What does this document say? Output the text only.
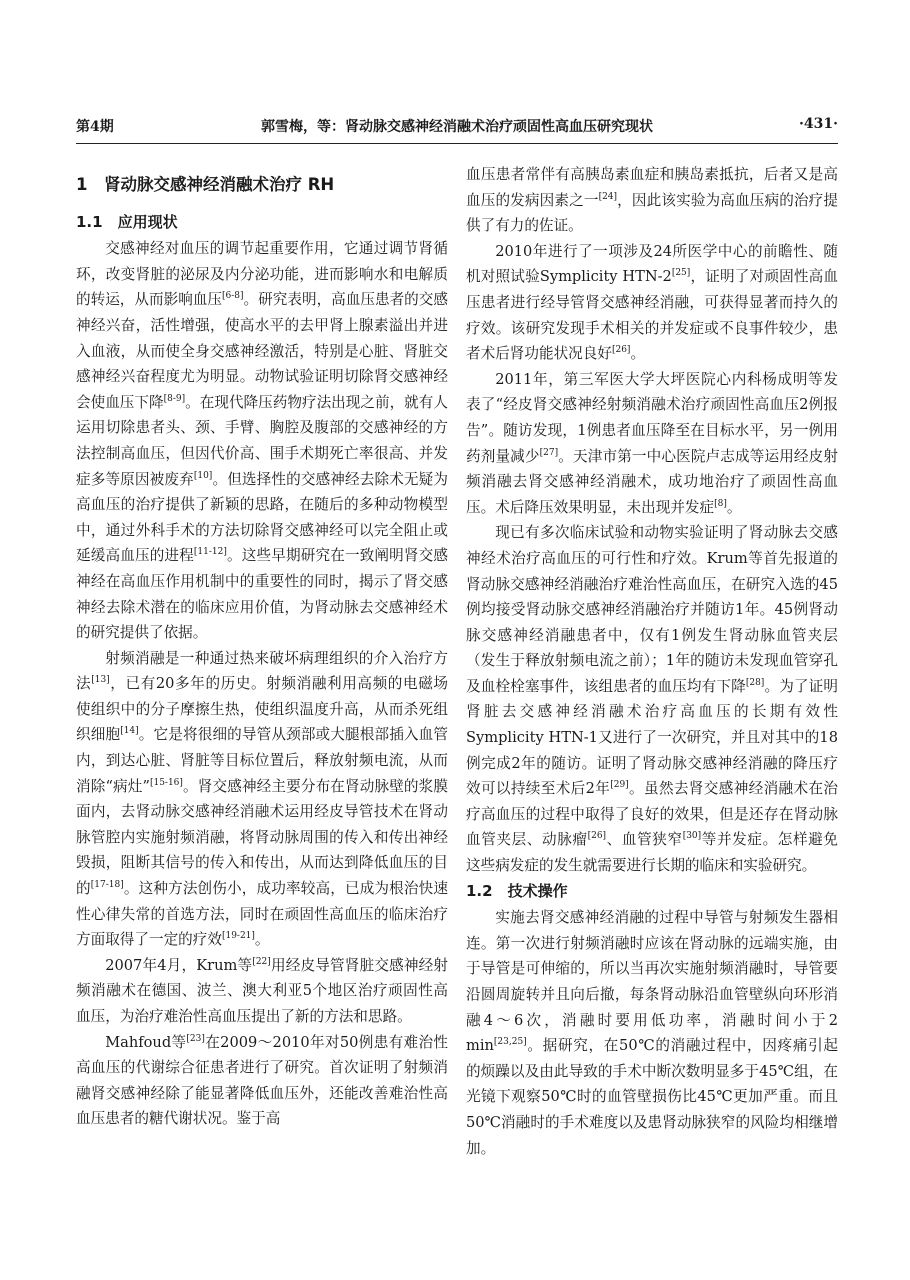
第4期	郭雪梅，等：肾动脉交感神经消融术治疗顽固性高血压研究现状	·431·
1　肾动脉交感神经消融术治疗 RH
1.1　应用现状

交感神经对血压的调节起重要作用，它通过调节肾循环，改变肾脏的泌尿及内分泌功能，进而影响水和电解质的转运，从而影响血压[6-8]。研究表明，高血压患者的交感神经兴奋，活性增强，使高水平的去甲肾上腺素溢出并进入血液，从而使全身交感神经激活，特别是心脏、肾脏交感神经兴奋程度尤为明显。动物试验证明切除肾交感神经会使血压下降[8-9]。在现代降压药物疗法出现之前，就有人运用切除患者头、颈、手臂、胸腔及腹部的交感神经的方法控制高血压，但因代价高、围手术期死亡率很高、并发症多等原因被废弃[10]。但选择性的交感神经去除术无疑为高血压的治疗提供了新颖的思路，在随后的多种动物模型中，通过外科手术的方法切除肾交感神经可以完全阻止或延缓高血压的进程[11-12]。这些早期研究在一致阐明肾交感神经在高血压作用机制中的重要性的同时，揭示了肾交感神经去除术潜在的临床应用价值，为肾动脉去交感神经术的研究提供了依据。

射频消融是一种通过热来破坏病理组织的介入治疗方法[13]，已有20多年的历史。射频消融利用高频的电磁场使组织中的分子摩擦生热，使组织温度升高，从而杀死组织细胞[14]。它是将很细的导管从颈部或大腿根部插入血管内，到达心脏、肾脏等目标位置后，释放射频电流，从而消除“病灶”[15-16]。肾交感神经主要分布在肾动脉壁的浆膜面内，去肾动脉交感神经消融术运用经皮导管技术在肾动脉管腔内实施射频消融，将肾动脉周围的传入和传出神经毁损，阻断其信号的传入和传出，从而达到降低血压的目的[17-18]。这种方法创伤小，成功率较高，已成为根治快速性心律失常的首选方法，同时在顽固性高血压的临床治疗方面取得了一定的疗效[19-21]。

2007年4月，Krum等[22]用经皮导管肾脏交感神经射频消融术在德国、波兰、澳大利亚5个地区治疗顽固性高血压，为治疗难治性高血压提出了新的方法和思路。

Mahfoud等[23]在2009～2010年对50例患有难治性高血压的代谢综合征患者进行了研究。首次证明了射频消融肾交感神经除了能显著降低血压外，还能改善难治性高血压患者的糖代谢状况。鉴于高

血压患者常伴有高胰岛素血症和胰岛素抵抗，后者又是高血压的发病因素之一[24]，因此该实验为高血压病的治疗提供了有力的佐证。

2010年进行了一项涉及24所医学中心的前瞻性、随机对照试验Symplicity HTN-2[25]，证明了对顽固性高血压患者进行经导管肾交感神经消融，可获得显著而持久的疗效。该研究发现手术相关的并发症或不良事件较少，患者术后肾功能状况良好[26]。

2011年，第三军医大学大坪医院心内科杨成明等发表了“经皮肾交感神经射频消融术治疗顽固性高血压2例报告”。随访发现，1例患者血压降至在目标水平，另一例用药剂量减少[27]。天津市第一中心医院卢志成等运用经皮射频消融去肾交感神经消融术，成功地治疗了顽固性高血压。术后降压效果明显，未出现并发症[8]。

现已有多次临床试验和动物实验证明了肾动脉去交感神经术治疗高血压的可行性和疗效。Krum等首先报道的肾动脉交感神经消融治疗难治性高血压，在研究入选的45例均接受肾动脉交感神经消融治疗并随访1年。45例肾动脉交感神经消融患者中，仅有1例发生肾动脉血管夹层（发生于释放射频电流之前）；1年的随访未发现血管穿孔及血栓栓塞事件，该组患者的血压均有下降[28]。为了证明肾脏去交感神经消融术治疗高血压的长期有效性Symplicity HTN-1又进行了一次研究，并且对其中的18例完成2年的随访。证明了肾动脉交感神经消融的降压疗效可以持续至术后2年[29]。虽然去肾交感神经消融术在治疗高血压的过程中取得了良好的效果，但是还存在肾动脉血管夹层、动脉瘤[26]、血管狭窄[30]等并发症。怎样避免这些病发症的发生就需要进行长期的临床和实验研究。

1.2　技术操作

实施去肾交感神经消融的过程中导管与射频发生器相连。第一次进行射频消融时应该在肾动脉的远端实施，由于导管是可伸缩的，所以当再次实施射频消融时，导管要沿圆周旋转并且向后撤，每条肾动脉沿血管壁纵向环形消融4～6次，消融时要用低功率，消融时间小于2 min[23,25]。据研究，在50℃的消融过程中，因疼痛引起的烦躁以及由此导致的手术中断次数明显多于45℃组，在光镜下观察50℃时的血管壁损伤比45℃更加严重。而且50℃消融时的手术难度以及患肾动脉狭窄的风险均相继增加。
